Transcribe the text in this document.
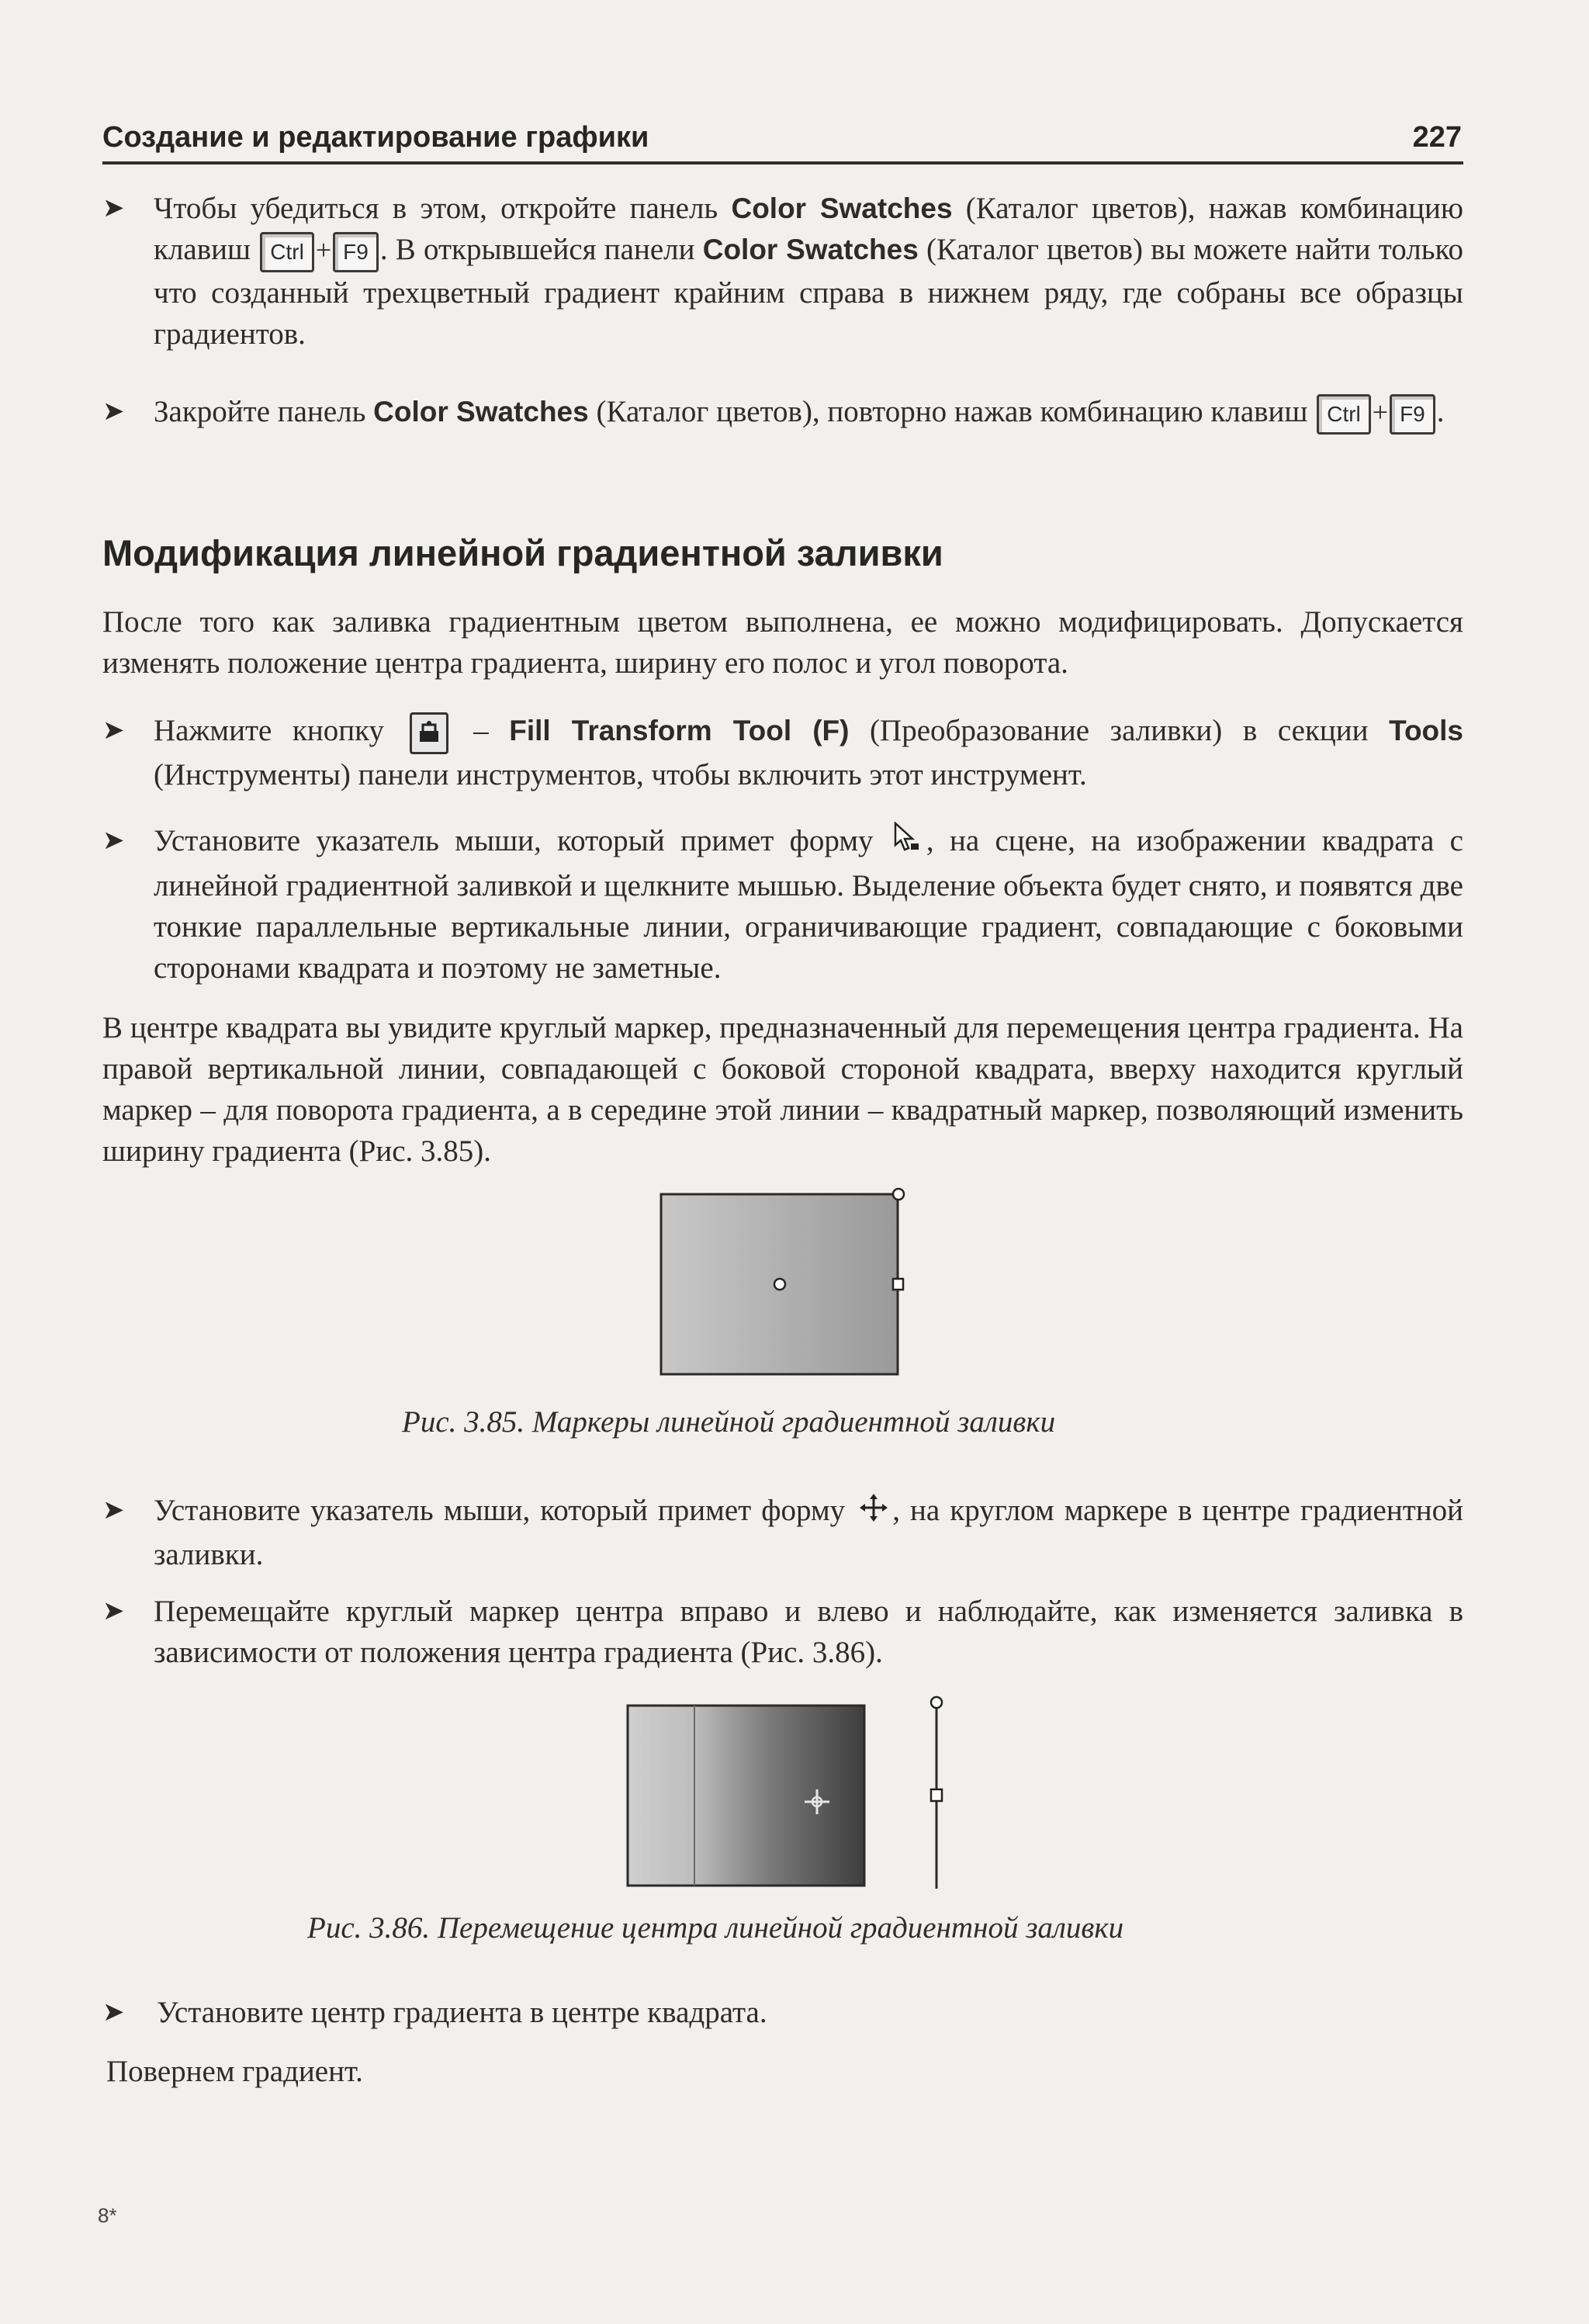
Создание и редактирование графики	227
➤ Чтобы убедиться в этом, откройте панель Color Swatches (Каталог цветов), нажав комбинацию клавиш Ctrl + F9 . В открывшейся панели Color Swatches (Каталог цветов) вы можете найти только что созданный трехцветный градиент крайним справа в нижнем ряду, где собраны все образцы градиентов.
➤ Закройте панель Color Swatches (Каталог цветов), повторно нажав комбинацию клавиш Ctrl + F9 .
Модификация линейной градиентной заливки
После того как заливка градиентным цветом выполнена, ее можно модифицировать. Допускается изменять положение центра градиента, ширину его полос и угол поворота.
➤ Нажмите кнопку
– Fill Transform Tool (F) (Преобразование заливки) в секции Tools (Инструменты) панели инструментов, чтобы включить этот инструмент.
➤ Установите указатель мыши, который примет форму , на сцене, на изображении квадрата с линейной градиентной заливкой и щелкните мышью. Выделение объекта будет снято, и появятся две тонкие параллельные вертикальные линии, ограничивающие градиент, совпадающие с боковыми сторонами квадрата и поэтому не заметные.
В центре квадрата вы увидите круглый маркер, предназначенный для перемещения центра градиента. На правой вертикальной линии, совпадающей с боковой стороной квадрата, вверху находится круглый маркер – для поворота градиента, а в середине этой линии – квадратный маркер, позволяющий изменить ширину градиента (Рис. 3.85).
Рис. 3.85. Маркеры линейной градиентной заливки
➤ Установите указатель мыши, который примет форму , на круглом маркере в центре градиентной заливки.
Перемещайте круглый маркер центра вправо и влево и наблюдайте, как изменяется заливка в зависимости от положения центра градиента (Рис. 3.86).
➤
Рис. 3.86. Перемещение центра линейной градиентной заливки
➤ Установите центр градиента в центре квадрата.
Повернем градиент.
8*
